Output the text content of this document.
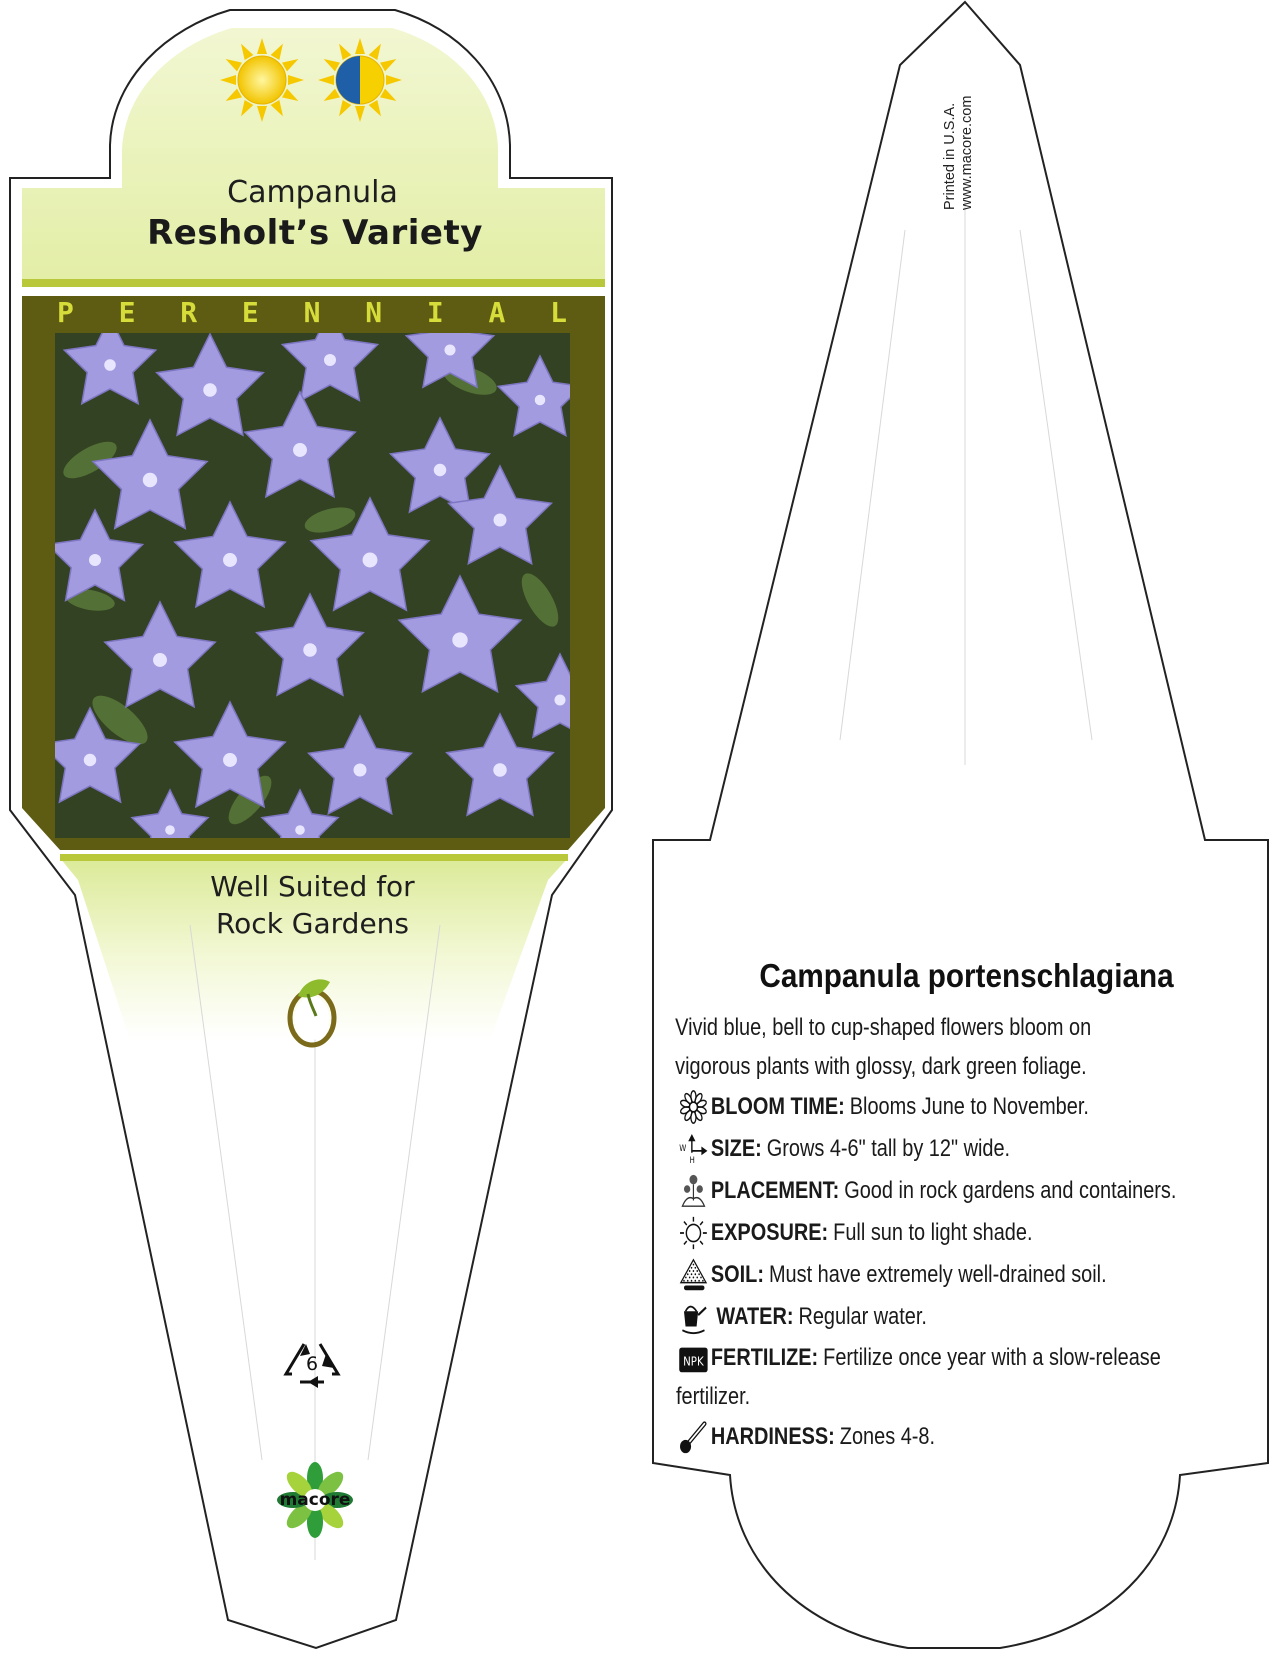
6
Campanula
Resholt’s Variety
P E R E N N I A L
Well Suited for
Rock Gardens
macore
Printed in U.S.A. www.macore.com
Campanula portenschlagiana

Vivid blue, bell to cup-shaped flowers bloom on
vigorous plants with glossy, dark green foliage.

BLOOM TIME: Blooms June to November.
W
H SIZE: Grows 4-6" tall by 12" wide.
PLACEMENT: Good in rock gardens and containers.
EXPOSURE: Full sun to light shade.
SOIL: Must have extremely well-drained soil.
WATER: Regular water.
NPK FERTILIZE: Fertilize once year with a slow-release
fertilizer.
HARDINESS: Zones 4-8.
